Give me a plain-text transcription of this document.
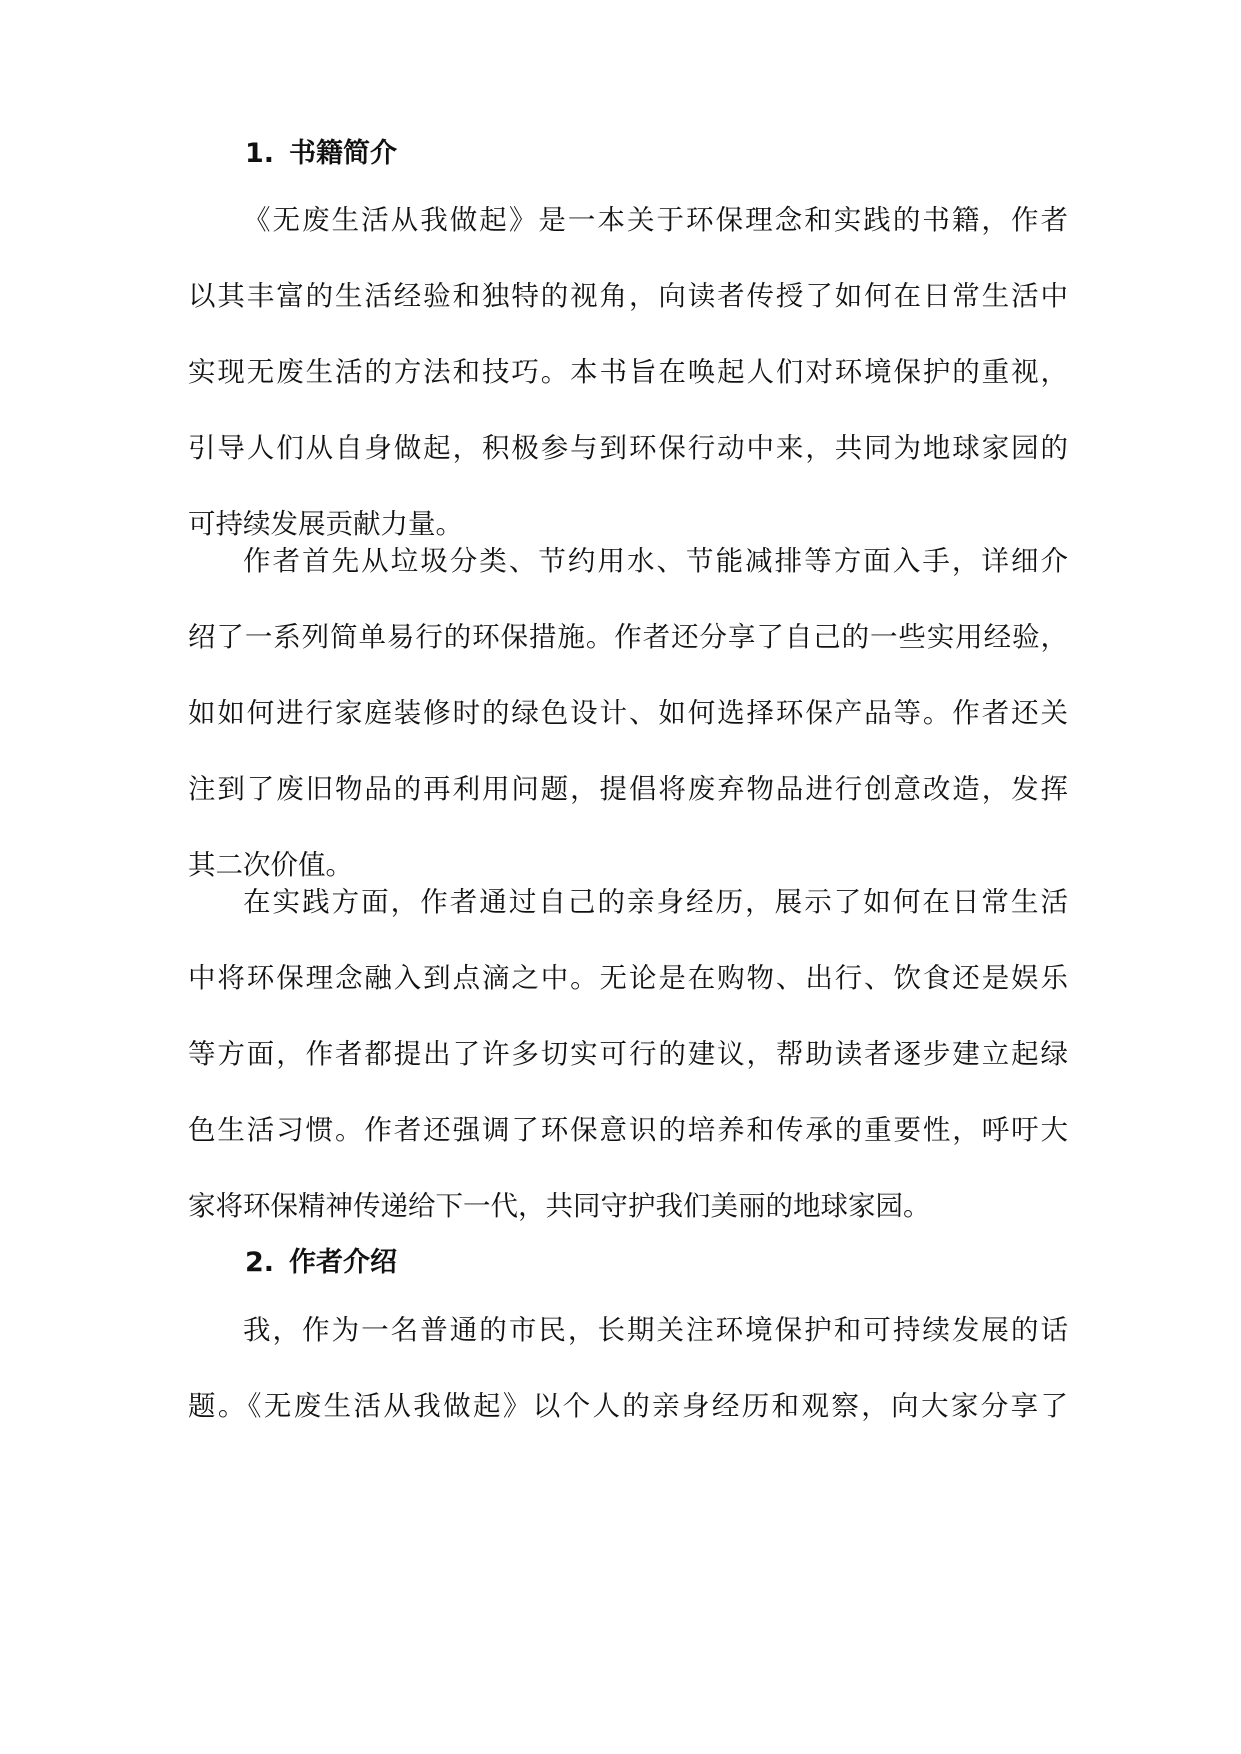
1. 书籍简介
《无废生活从我做起》是一本关于环保理念和实践的书籍，作者
以其丰富的生活经验和独特的视角，向读者传授了如何在日常生活中
实现无废生活的方法和技巧。本书旨在唤起人们对环境保护的重视，
引导人们从自身做起，积极参与到环保行动中来，共同为地球家园的
可持续发展贡献力量。
作者首先从垃圾分类、节约用水、节能减排等方面入手，详细介
绍了一系列简单易行的环保措施。作者还分享了自己的一些实用经验，
如如何进行家庭装修时的绿色设计、如何选择环保产品等。作者还关
注到了废旧物品的再利用问题，提倡将废弃物品进行创意改造，发挥
其二次价值。
在实践方面，作者通过自己的亲身经历，展示了如何在日常生活
中将环保理念融入到点滴之中。无论是在购物、出行、饮食还是娱乐
等方面，作者都提出了许多切实可行的建议，帮助读者逐步建立起绿
色生活习惯。作者还强调了环保意识的培养和传承的重要性，呼吁大
家将环保精神传递给下一代，共同守护我们美丽的地球家园。
2. 作者介绍
我，作为一名普通的市民，长期关注环境保护和可持续发展的话
题。《无废生活从我做起》以个人的亲身经历和观察，向大家分享了
